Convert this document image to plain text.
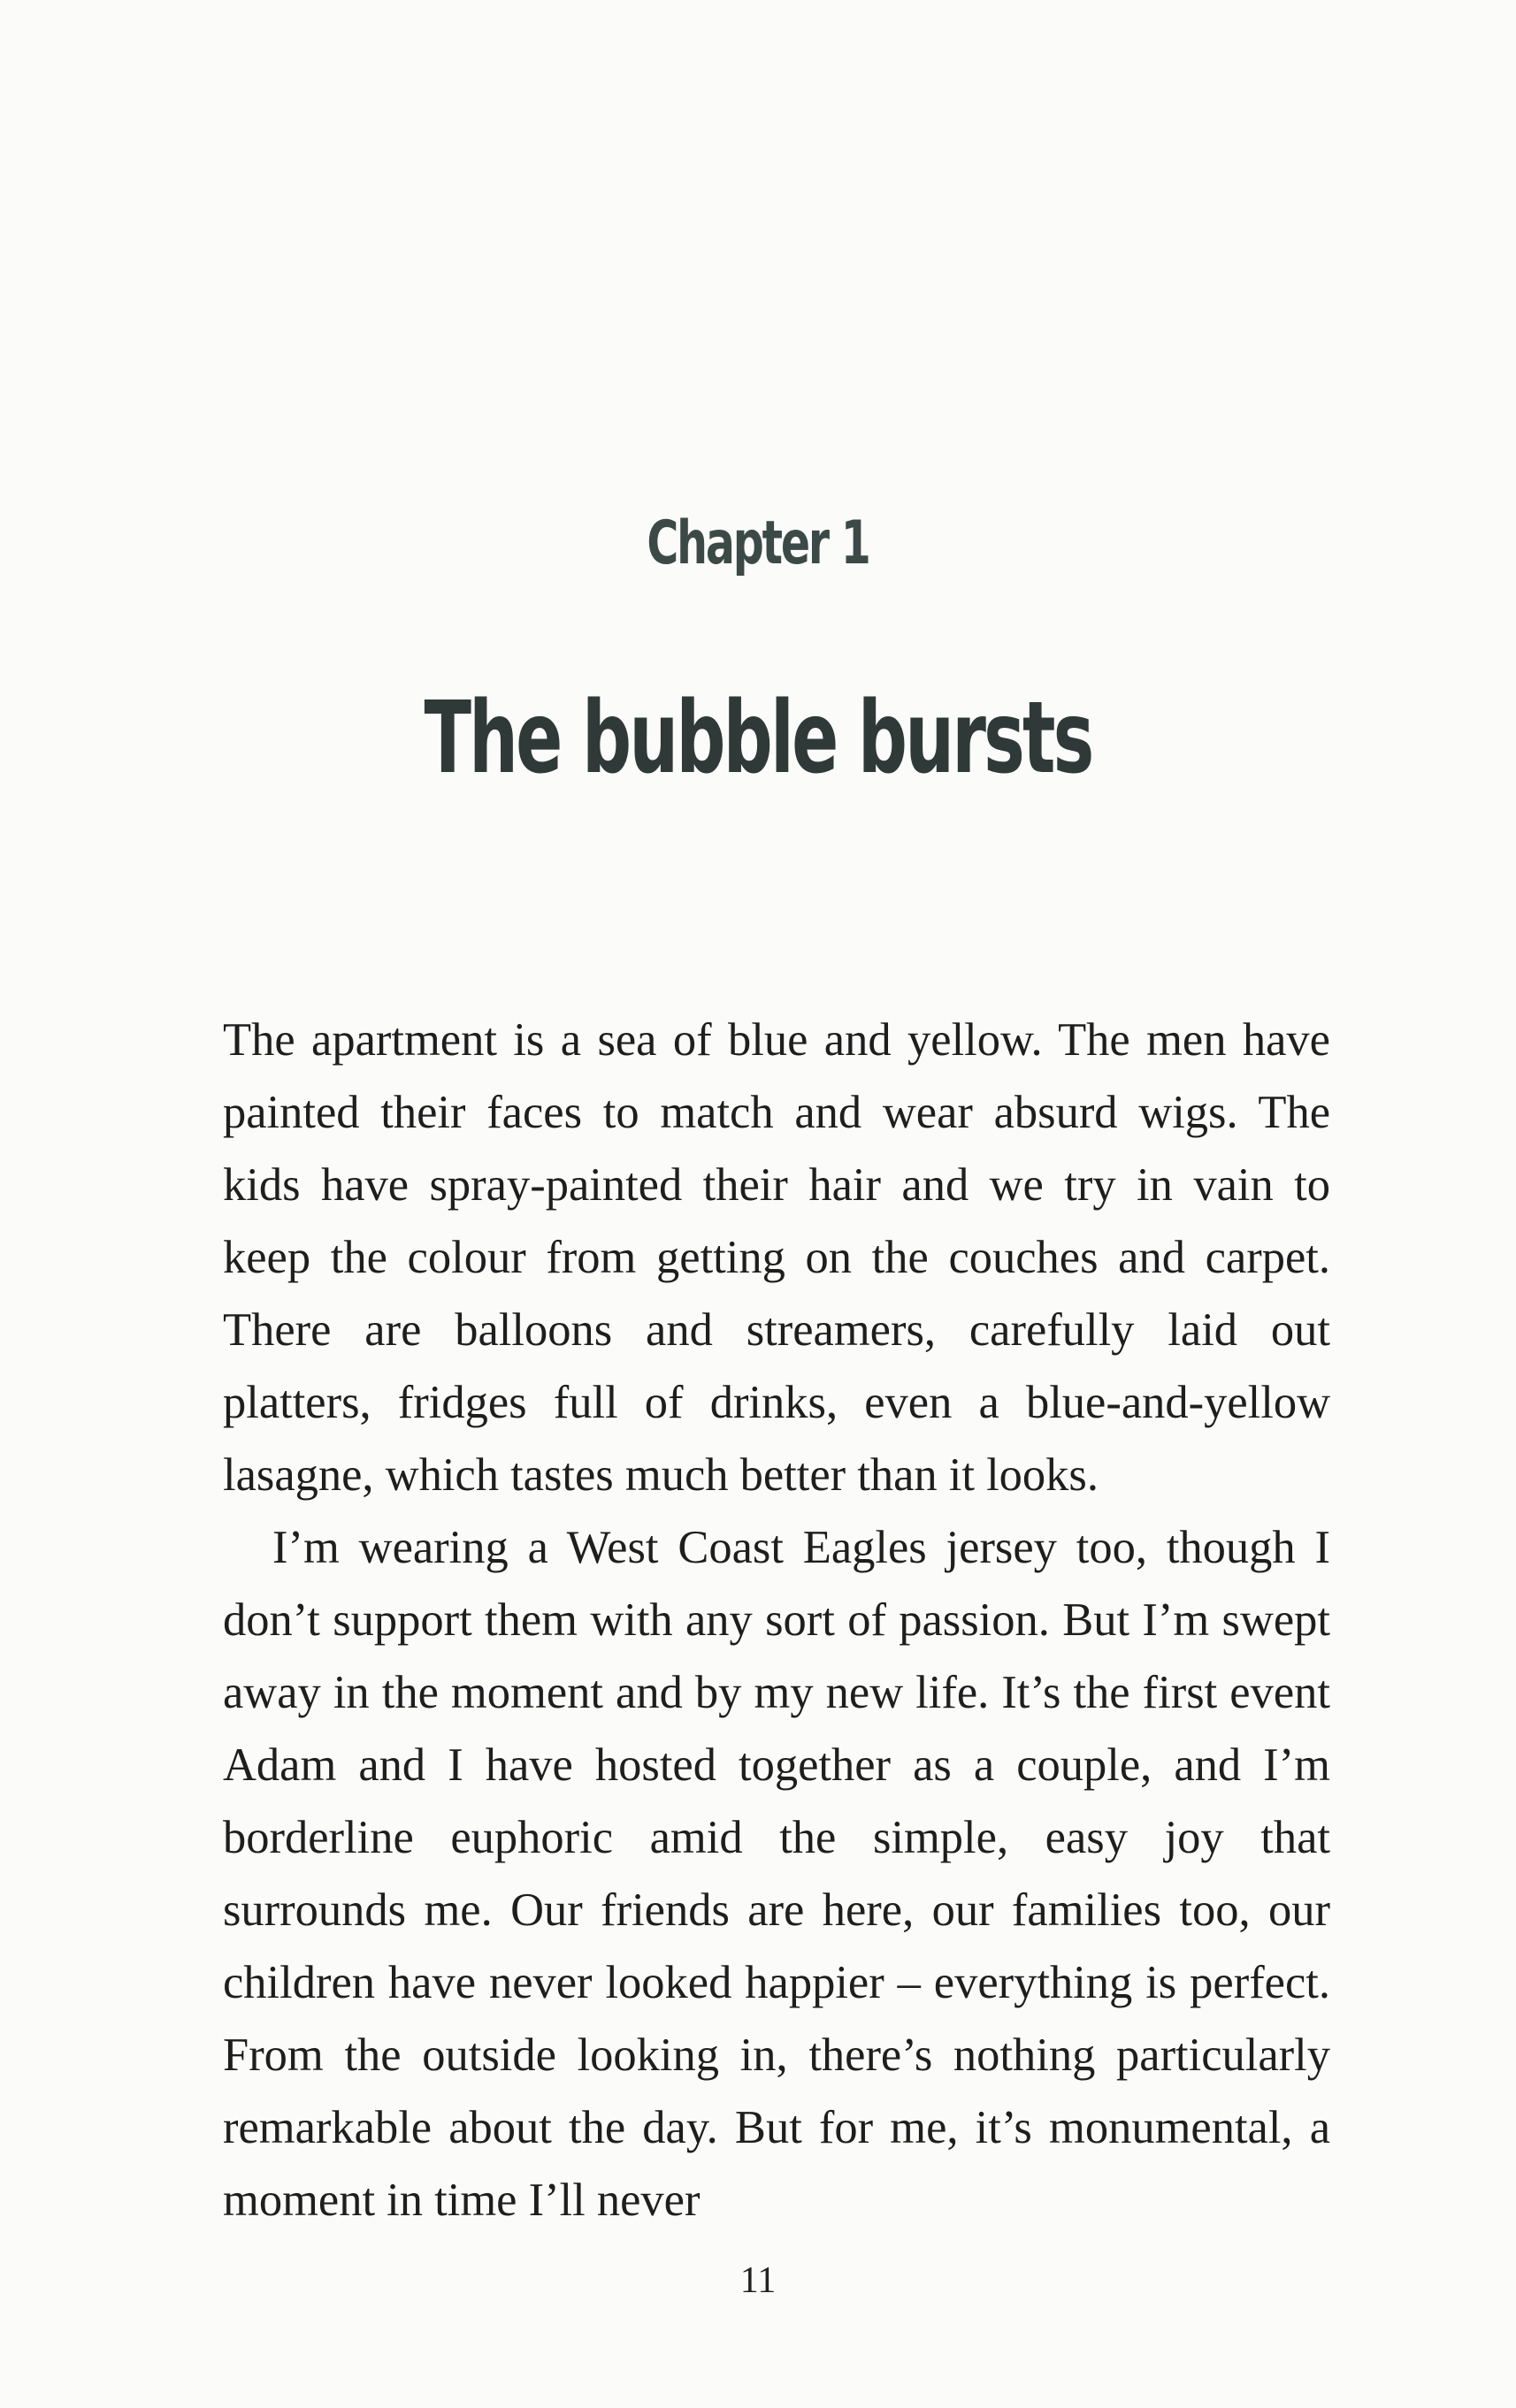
Chapter 1
The bubble bursts

The apartment is a sea of blue and yellow. The men have painted their faces to match and wear absurd wigs. The kids have spray-painted their hair and we try in vain to keep the colour from getting on the couches and carpet. There are balloons and streamers, carefully laid out platters, fridges full of drinks, even a blue-and-yellow lasagne, which tastes much better than it looks.

I’m wearing a West Coast Eagles jersey too, though I don’t support them with any sort of passion. But I’m swept away in the moment and by my new life. It’s the first event Adam and I have hosted together as a couple, and I’m borderline euphoric amid the simple, easy joy that surrounds me. Our friends are here, our families too, our children have never looked happier – everything is perfect. From the outside looking in, there’s nothing particularly remarkable about the day. But for me, it’s monumental, a moment in time I’ll never

11
